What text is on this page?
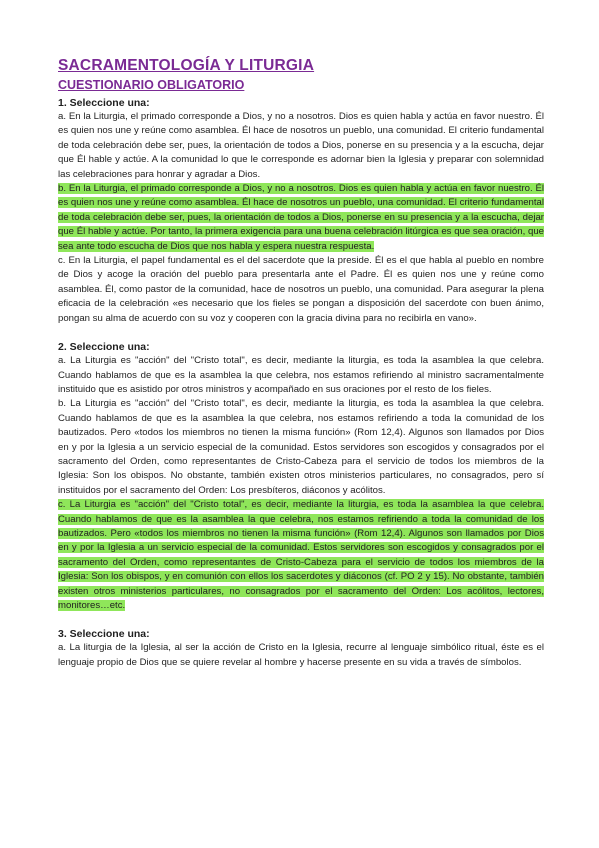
SACRAMENTOLOGÍA Y LITURGIA
CUESTIONARIO OBLIGATORIO

1. Seleccione una:

a. En la Liturgia, el primado corresponde a Dios, y no a nosotros. Dios es quien habla y actúa en favor nuestro. Él es quien nos une y reúne como asamblea. Él hace de nosotros un pueblo, una comunidad. El criterio fundamental de toda celebración debe ser, pues, la orientación de todos a Dios, ponerse en su presencia y a la escucha, dejar que Él hable y actúe. A la comunidad lo que le corresponde es adornar bien la Iglesia y preparar con solemnidad las celebraciones para honrar y agradar a Dios.

b. En la Liturgia, el primado corresponde a Dios, y no a nosotros. Dios es quien habla y actúa en favor nuestro. Él es quien nos une y reúne como asamblea. Él hace de nosotros un pueblo, una comunidad. El criterio fundamental de toda celebración debe ser, pues, la orientación de todos a Dios, ponerse en su presencia y a la escucha, dejar que Él hable y actúe. Por tanto, la primera exigencia para una buena celebración litúrgica es que sea oración, que sea ante todo escucha de Dios que nos habla y espera nuestra respuesta.

c. En la Liturgia, el papel fundamental es el del sacerdote que la preside. Él es el que habla al pueblo en nombre de Dios y acoge la oración del pueblo para presentarla ante el Padre. Él es quien nos une y reúne como asamblea. Él, como pastor de la comunidad, hace de nosotros un pueblo, una comunidad. Para asegurar la plena eficacia de la celebración «es necesario que los fieles se pongan a disposición del sacerdote con buen ánimo, pongan su alma de acuerdo con su voz y cooperen con la gracia divina para no recibirla en vano».

2. Seleccione una:

a. La Liturgia es "acción" del "Cristo total", es decir, mediante la liturgia, es toda la asamblea la que celebra. Cuando hablamos de que es la asamblea la que celebra, nos estamos refiriendo al ministro sacramentalmente instituido que es asistido por otros ministros y acompañado en sus oraciones por el resto de los fieles.

b. La Liturgia es "acción" del "Cristo total", es decir, mediante la liturgia, es toda la asamblea la que celebra. Cuando hablamos de que es la asamblea la que celebra, nos estamos refiriendo a toda la comunidad de los bautizados. Pero «todos los miembros no tienen la misma función» (Rom 12,4). Algunos son llamados por Dios en y por la Iglesia a un servicio especial de la comunidad. Estos servidores son escogidos y consagrados por el sacramento del Orden, como representantes de Cristo-Cabeza para el servicio de todos los miembros de la Iglesia: Son los obispos. No obstante, también existen otros ministerios particulares, no consagrados, pero sí instituidos por el sacramento del Orden: Los presbíteros, diáconos y acólitos.

c. La Liturgia es "acción" del "Cristo total", es decir, mediante la liturgia, es toda la asamblea la que celebra. Cuando hablamos de que es la asamblea la que celebra, nos estamos refiriendo a toda la comunidad de los bautizados. Pero «todos los miembros no tienen la misma función» (Rom 12,4). Algunos son llamados por Dios en y por la Iglesia a un servicio especial de la comunidad. Estos servidores son escogidos y consagrados por el sacramento del Orden, como representantes de Cristo-Cabeza para el servicio de todos los miembros de la Iglesia: Son los obispos, y en comunión con ellos los sacerdotes y diáconos (cf. PO 2 y 15). No obstante, también existen otros ministerios particulares, no consagrados por el sacramento del Orden: Los acólitos, lectores, monitores…etc.

3. Seleccione una:

a. La liturgia de la Iglesia, al ser la acción de Cristo en la Iglesia, recurre al lenguaje simbólico ritual, éste es el lenguaje propio de Dios que se quiere revelar al hombre y hacerse presente en su vida a través de símbolos.
